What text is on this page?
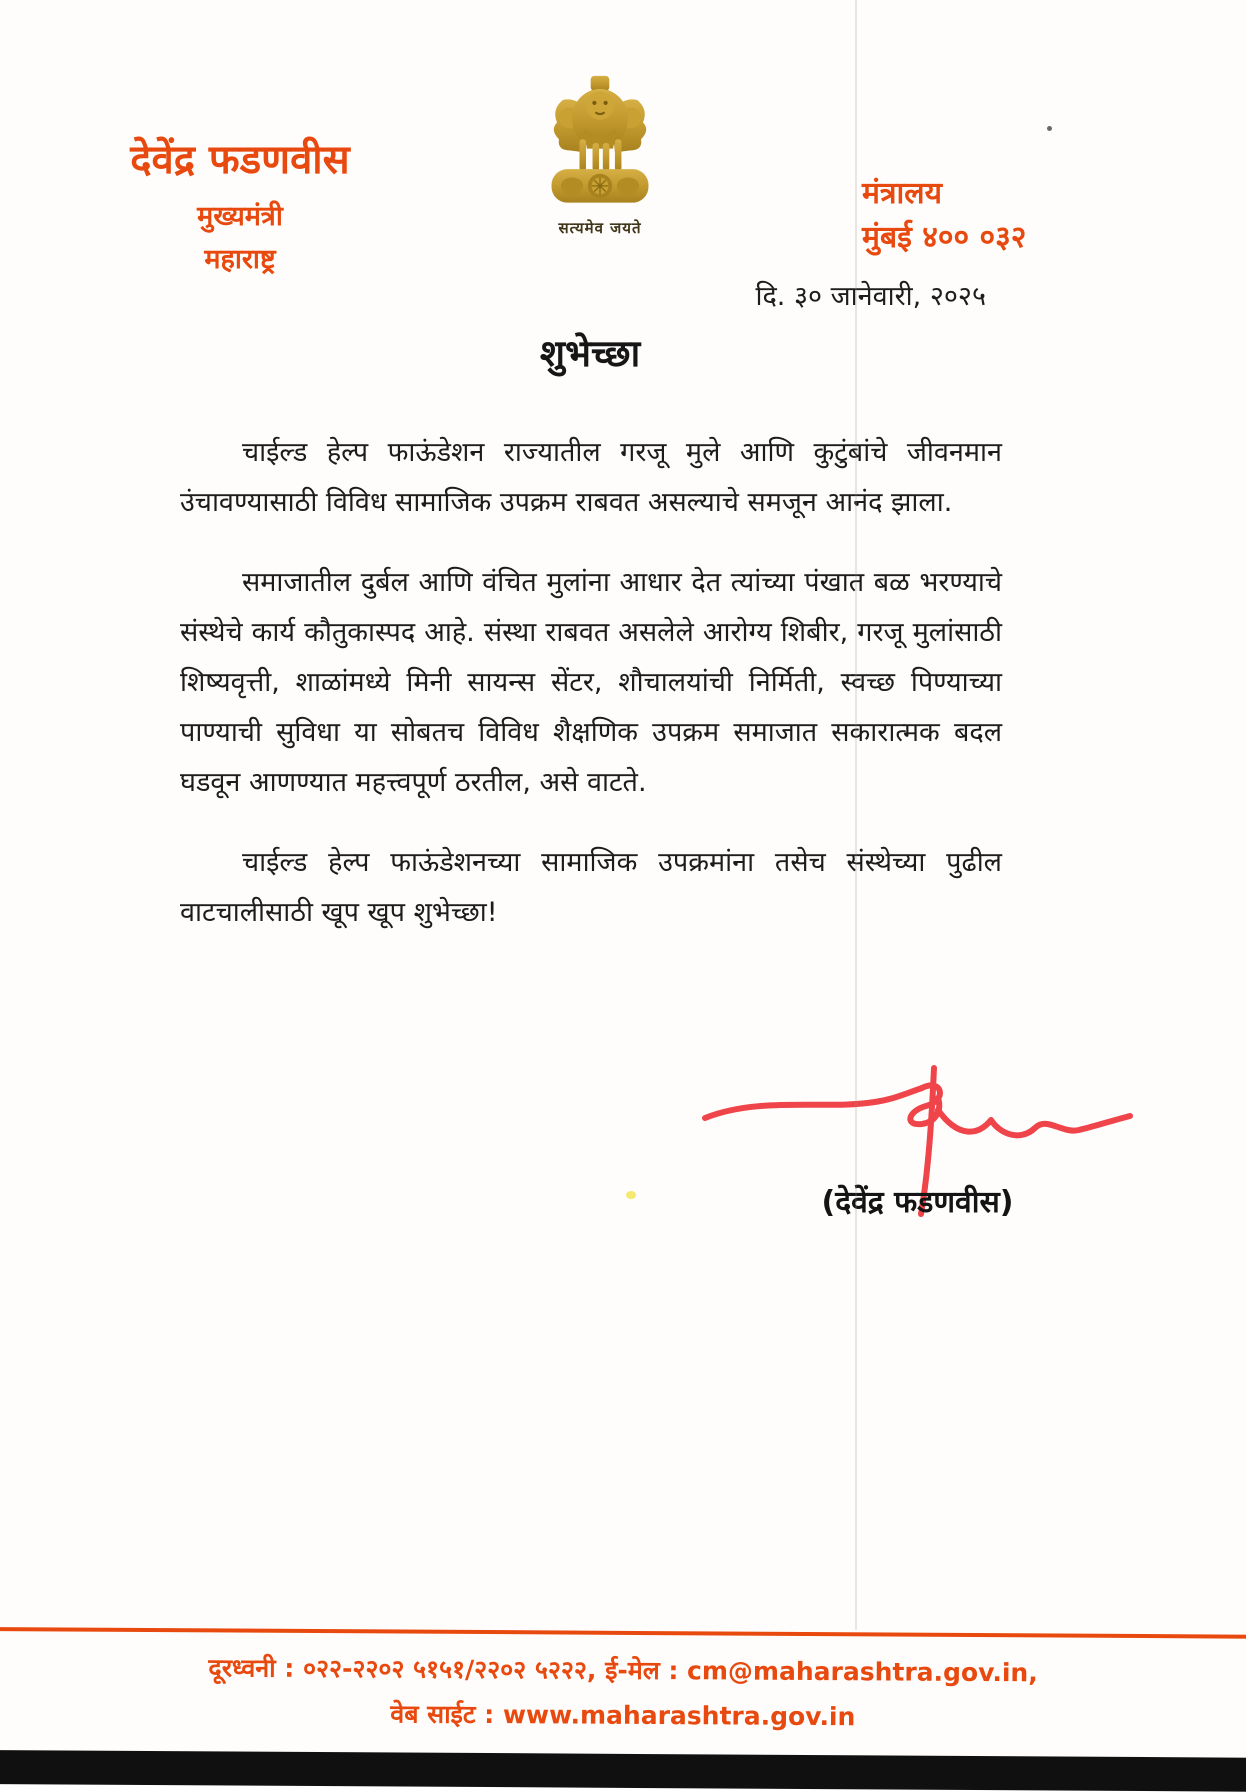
देवेंद्र फडणवीस
मुख्यमंत्री
महाराष्ट्र
सत्यमेव जयते
मंत्रालय
मुंबई ४०० ०३२
दि. ३० जानेवारी, २०२५
शुभेच्छा

चाईल्ड हेल्प फाऊंडेशन राज्यातील गरजू मुले आणि कुटुंबांचे जीवनमान उंचावण्यासाठी विविध सामाजिक उपक्रम राबवत असल्याचे समजून आनंद झाला.

समाजातील दुर्बल आणि वंचित मुलांना आधार देत त्यांच्या पंखात बळ भरण्याचे संस्थेचे कार्य कौतुकास्पद आहे. संस्था राबवत असलेले आरोग्य शिबीर, गरजू मुलांसाठी शिष्यवृत्ती, शाळांमध्ये मिनी सायन्स सेंटर, शौचालयांची निर्मिती, स्वच्छ पिण्याच्या पाण्याची सुविधा या सोबतच विविध शैक्षणिक उपक्रम समाजात सकारात्मक बदल घडवून आणण्यात महत्त्वपूर्ण ठरतील, असे वाटते.

चाईल्ड हेल्प फाऊंडेशनच्या सामाजिक उपक्रमांना तसेच संस्थेच्या पुढील वाटचालीसाठी खूप खूप शुभेच्छा!

(देवेंद्र फडणवीस)
दूरध्वनी : ०२२-२२०२ ५१५१/२२०२ ५२२२, ई-मेल : cm@maharashtra.gov.in,
वेब साईट : www.maharashtra.gov.in
